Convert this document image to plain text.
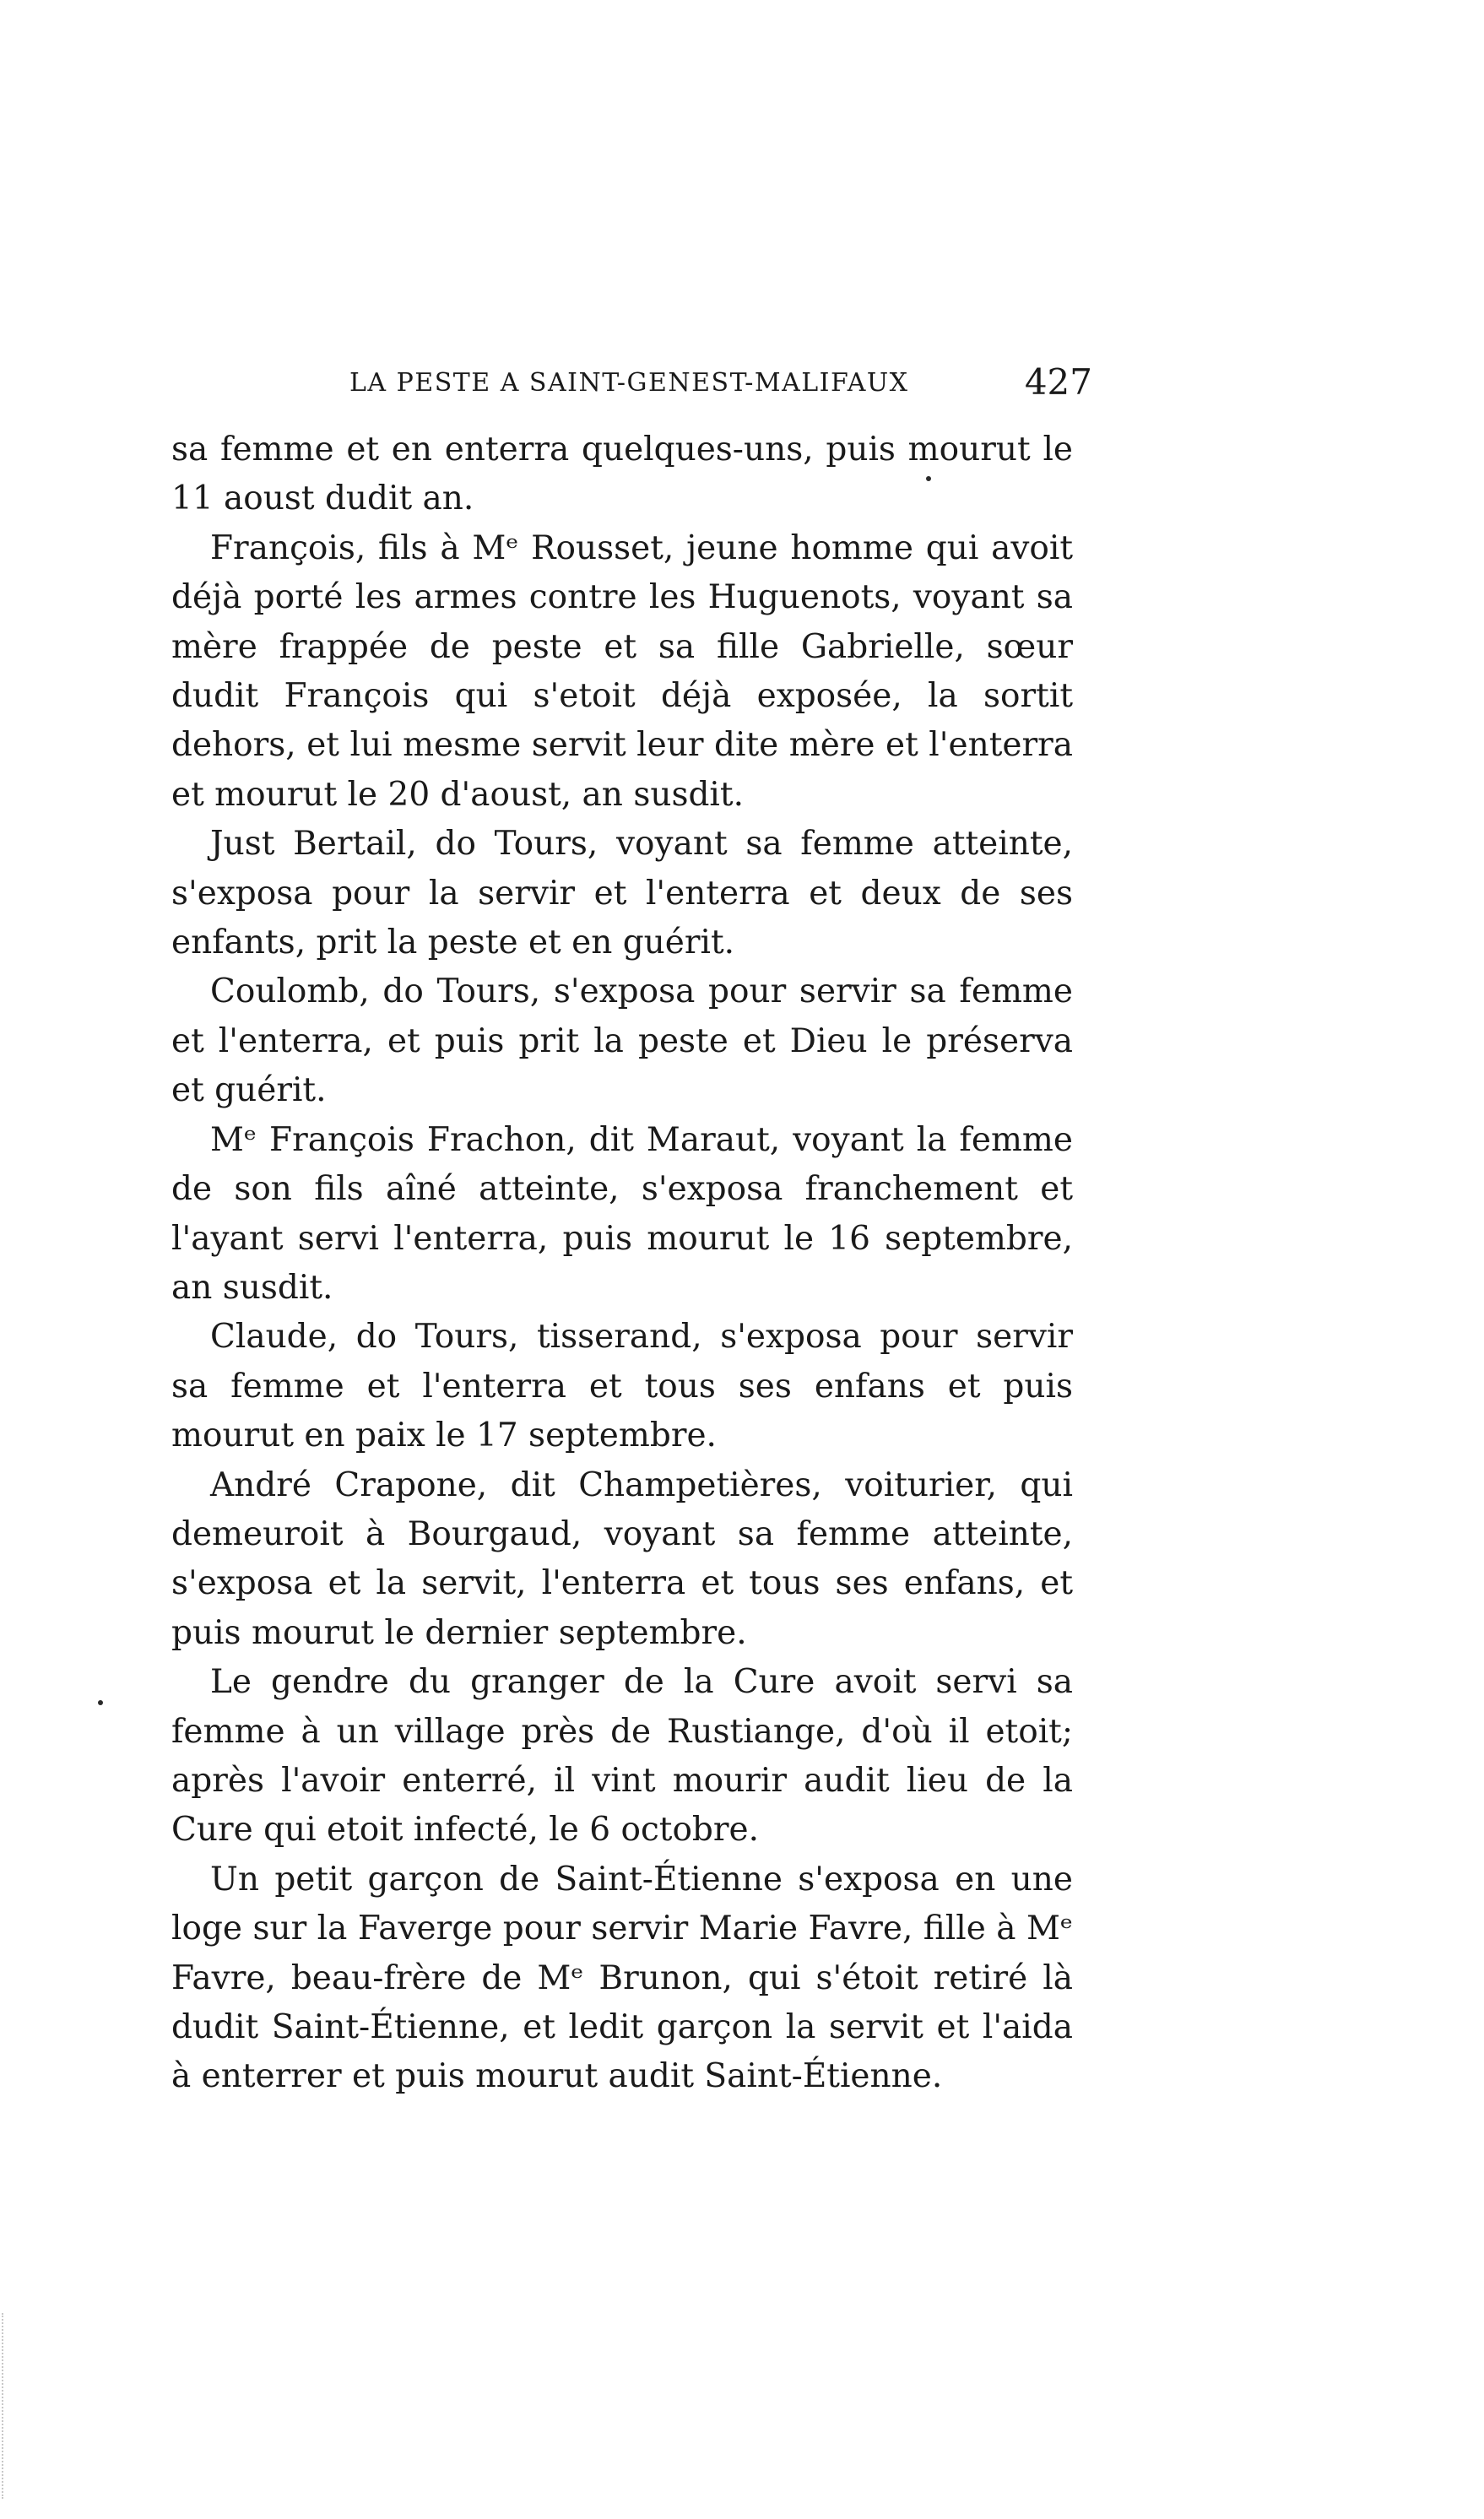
LA PESTE A SAINT-GENEST-MALIFAUX	427

sa femme et en enterra quelques-uns, puis mourut le 11 aoust dudit an.

François, fils à Mᵉ Rousset, jeune homme qui avoit déjà porté les armes contre les Huguenots, voyant sa mère frappée de peste et sa fille Gabrielle, sœur dudit François qui s'etoit déjà exposée, la sortit dehors, et lui mesme servit leur dite mère et l'enterra et mourut le 20 d'aoust, an susdit.

Just Bertail, do Tours, voyant sa femme atteinte, s'exposa pour la servir et l'enterra et deux de ses enfants, prit la peste et en guérit.

Coulomb, do Tours, s'exposa pour servir sa femme et l'enterra, et puis prit la peste et Dieu le préserva et guérit.

Mᵉ François Frachon, dit Maraut, voyant la femme de son fils aîné atteinte, s'exposa franchement et l'ayant servi l'enterra, puis mourut le 16 septembre, an susdit.

Claude, do Tours, tisserand, s'exposa pour servir sa femme et l'enterra et tous ses enfans et puis mourut en paix le 17 septembre.

André Crapone, dit Champetières, voiturier, qui demeuroit à Bourgaud, voyant sa femme atteinte, s'exposa et la servit, l'enterra et tous ses enfans, et puis mourut le dernier septembre.

Le gendre du granger de la Cure avoit servi sa femme à un village près de Rustiange, d'où il etoit; après l'avoir enterré, il vint mourir audit lieu de la Cure qui etoit infecté, le 6 octobre.

Un petit garçon de Saint-Étienne s'exposa en une loge sur la Faverge pour servir Marie Favre, fille à Mᵉ Favre, beau-frère de Mᵉ Brunon, qui s'étoit retiré là dudit Saint-Étienne, et ledit garçon la servit et l'aida à enterrer et puis mourut audit Saint-Étienne.
